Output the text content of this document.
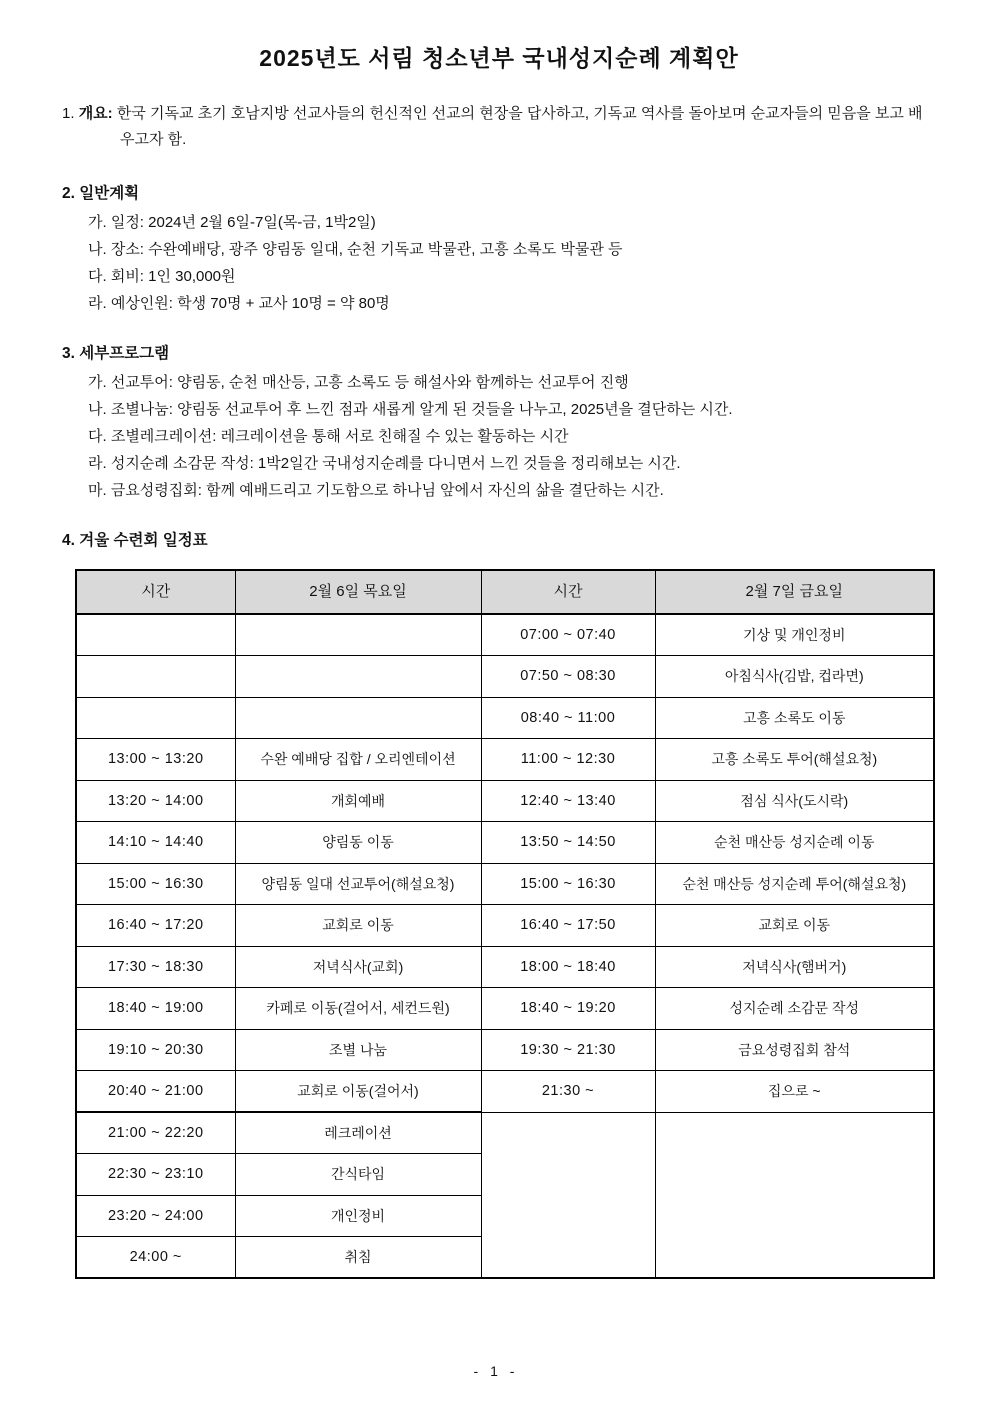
2025년도 서림 청소년부 국내성지순례 계획안

1. 개요: 한국 기독교 초기 호남지방 선교사들의 헌신적인 선교의 현장을 답사하고, 기독교 역사를 돌아보며 순교자들의 믿음을 보고 배우고자 함.

2. 일반계획

가. 일정: 2024년 2월 6일-7일(목-금, 1박2일)
나. 장소: 수완예배당, 광주 양림동 일대, 순천 기독교 박물관, 고흥 소록도 박물관 등
다. 회비: 1인 30,000원
라. 예상인원: 학생 70명 + 교사 10명 = 약 80명

3. 세부프로그램

가. 선교투어: 양림동, 순천 매산등, 고흥 소록도 등 해설사와 함께하는 선교투어 진행
나. 조별나눔: 양림동 선교투어 후 느낀 점과 새롭게 알게 된 것들을 나누고, 2025년을 결단하는 시간.
다. 조별레크레이션: 레크레이션을 통해 서로 친해질 수 있는 활동하는 시간
라. 성지순례 소감문 작성: 1박2일간 국내성지순례를 다니면서 느낀 것들을 정리해보는 시간.
마. 금요성령집회: 함께 예배드리고 기도함으로 하나님 앞에서 자신의 삶을 결단하는 시간.

4. 겨울 수련회 일정표

시간	2월 6일 목요일	시간	2월 7일 금요일
		07:00 ~ 07:40	기상 및 개인정비
		07:50 ~ 08:30	아침식사(김밥, 컵라면)
		08:40 ~ 11:00	고흥 소록도 이동
13:00 ~ 13:20	수완 예배당 집합 / 오리엔테이션	11:00 ~ 12:30	고흥 소록도 투어(해설요청)
13:20 ~ 14:00	개회예배	12:40 ~ 13:40	점심 식사(도시락)
14:10 ~ 14:40	양림동 이동	13:50 ~ 14:50	순천 매산등 성지순례 이동
15:00 ~ 16:30	양림동 일대 선교투어(해설요청)	15:00 ~ 16:30	순천 매산등 성지순례 투어(해설요청)
16:40 ~ 17:20	교회로 이동	16:40 ~ 17:50	교회로 이동
17:30 ~ 18:30	저녁식사(교회)	18:00 ~ 18:40	저녁식사(햄버거)
18:40 ~ 19:00	카페로 이동(걸어서, 세컨드원)	18:40 ~ 19:20	성지순례 소감문 작성
19:10 ~ 20:30	조별 나눔	19:30 ~ 21:30	금요성령집회 참석
20:40 ~ 21:00	교회로 이동(걸어서)	21:30 ~	집으로 ~
21:00 ~ 22:20	레크레이션		
22:30 ~ 23:10	간식타임		
23:20 ~ 24:00	개인정비		
24:00 ~	취침		
- 1 -
